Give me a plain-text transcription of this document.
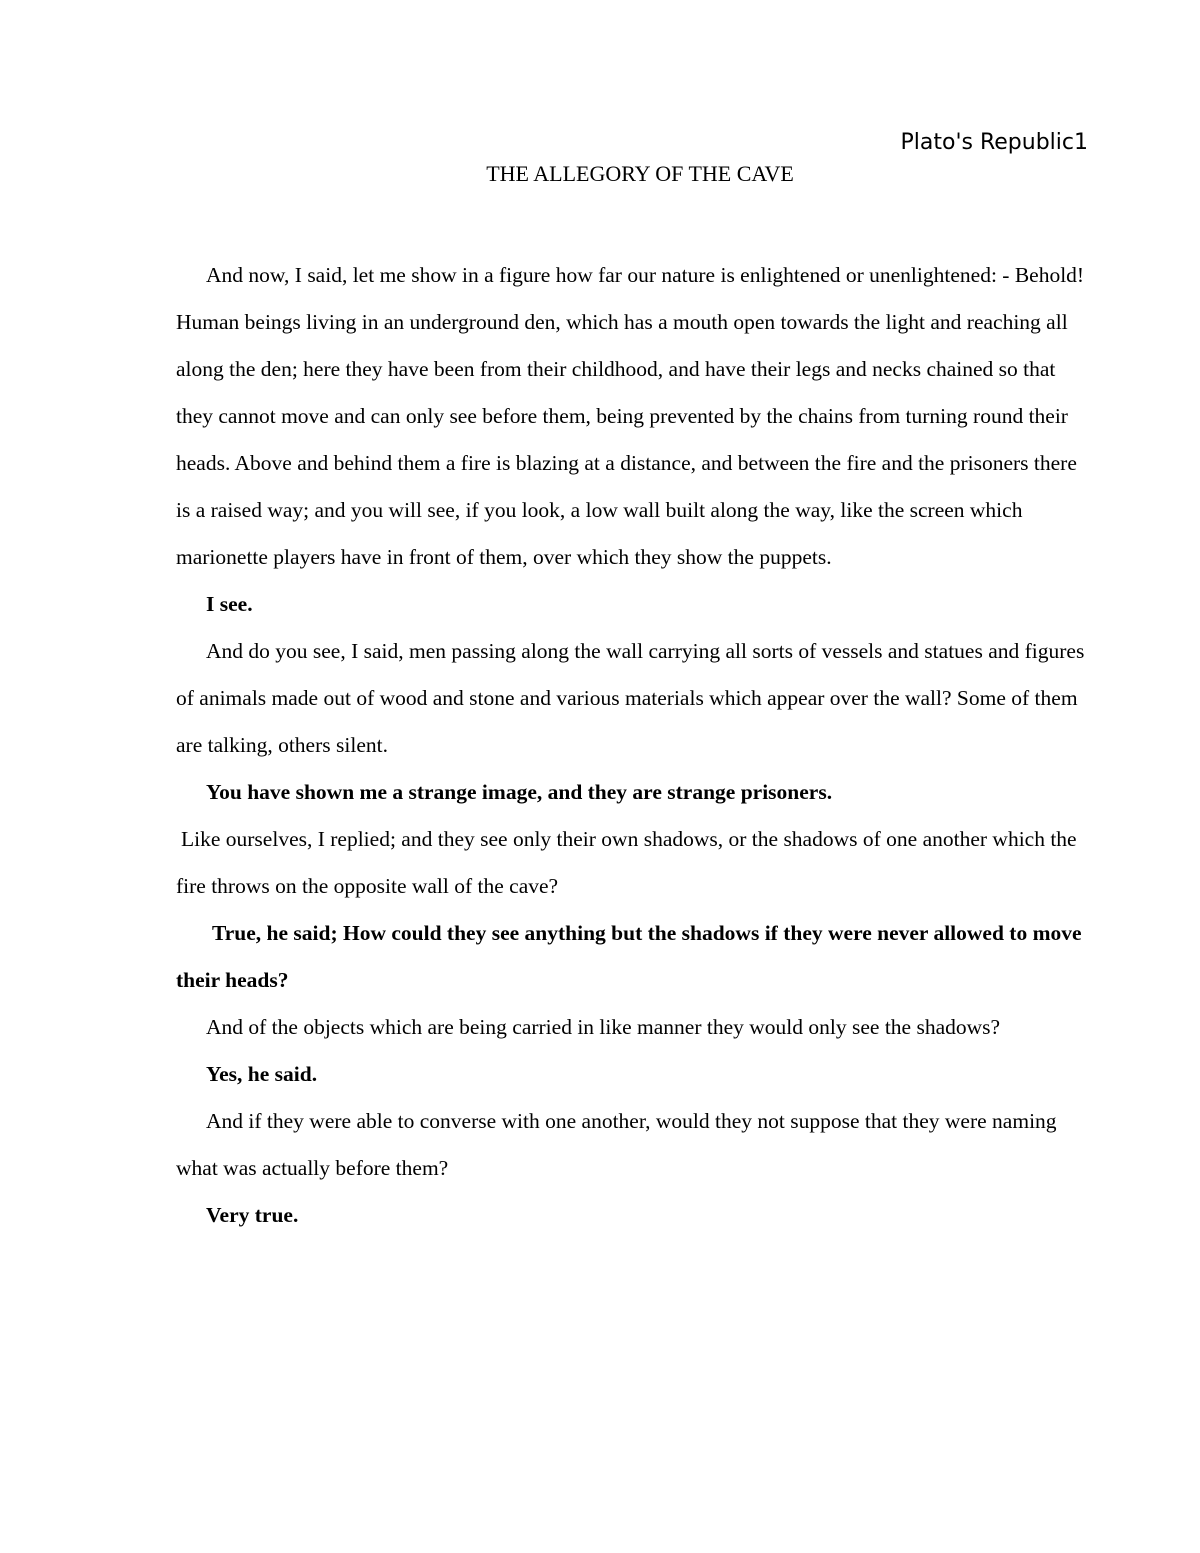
Plato's Republic1
THE ALLEGORY OF THE CAVE

And now, I said, let me show in a figure how far our nature is enlightened or unenlightened: - Behold! Human beings living in an underground den, which has a mouth open towards the light and reaching all along the den; here they have been from their childhood, and have their legs and necks chained so that they cannot move and can only see before them, being prevented by the chains from turning round their heads. Above and behind them a fire is blazing at a distance, and between the fire and the prisoners there is a raised way; and you will see, if you look, a low wall built along the way, like the screen which marionette players have in front of them, over which they show the puppets.

I see.

And do you see, I said, men passing along the wall carrying all sorts of vessels and statues and figures of animals made out of wood and stone and various materials which appear over the wall? Some of them are talking, others silent.

You have shown me a strange image, and they are strange prisoners.

Like ourselves, I replied; and they see only their own shadows, or the shadows of one another which the fire throws on the opposite wall of the cave?

True, he said; How could they see anything but the shadows if they were never allowed to move their heads?

And of the objects which are being carried in like manner they would only see the shadows?

Yes, he said.

And if they were able to converse with one another, would they not suppose that they were naming what was actually before them?

Very true.
